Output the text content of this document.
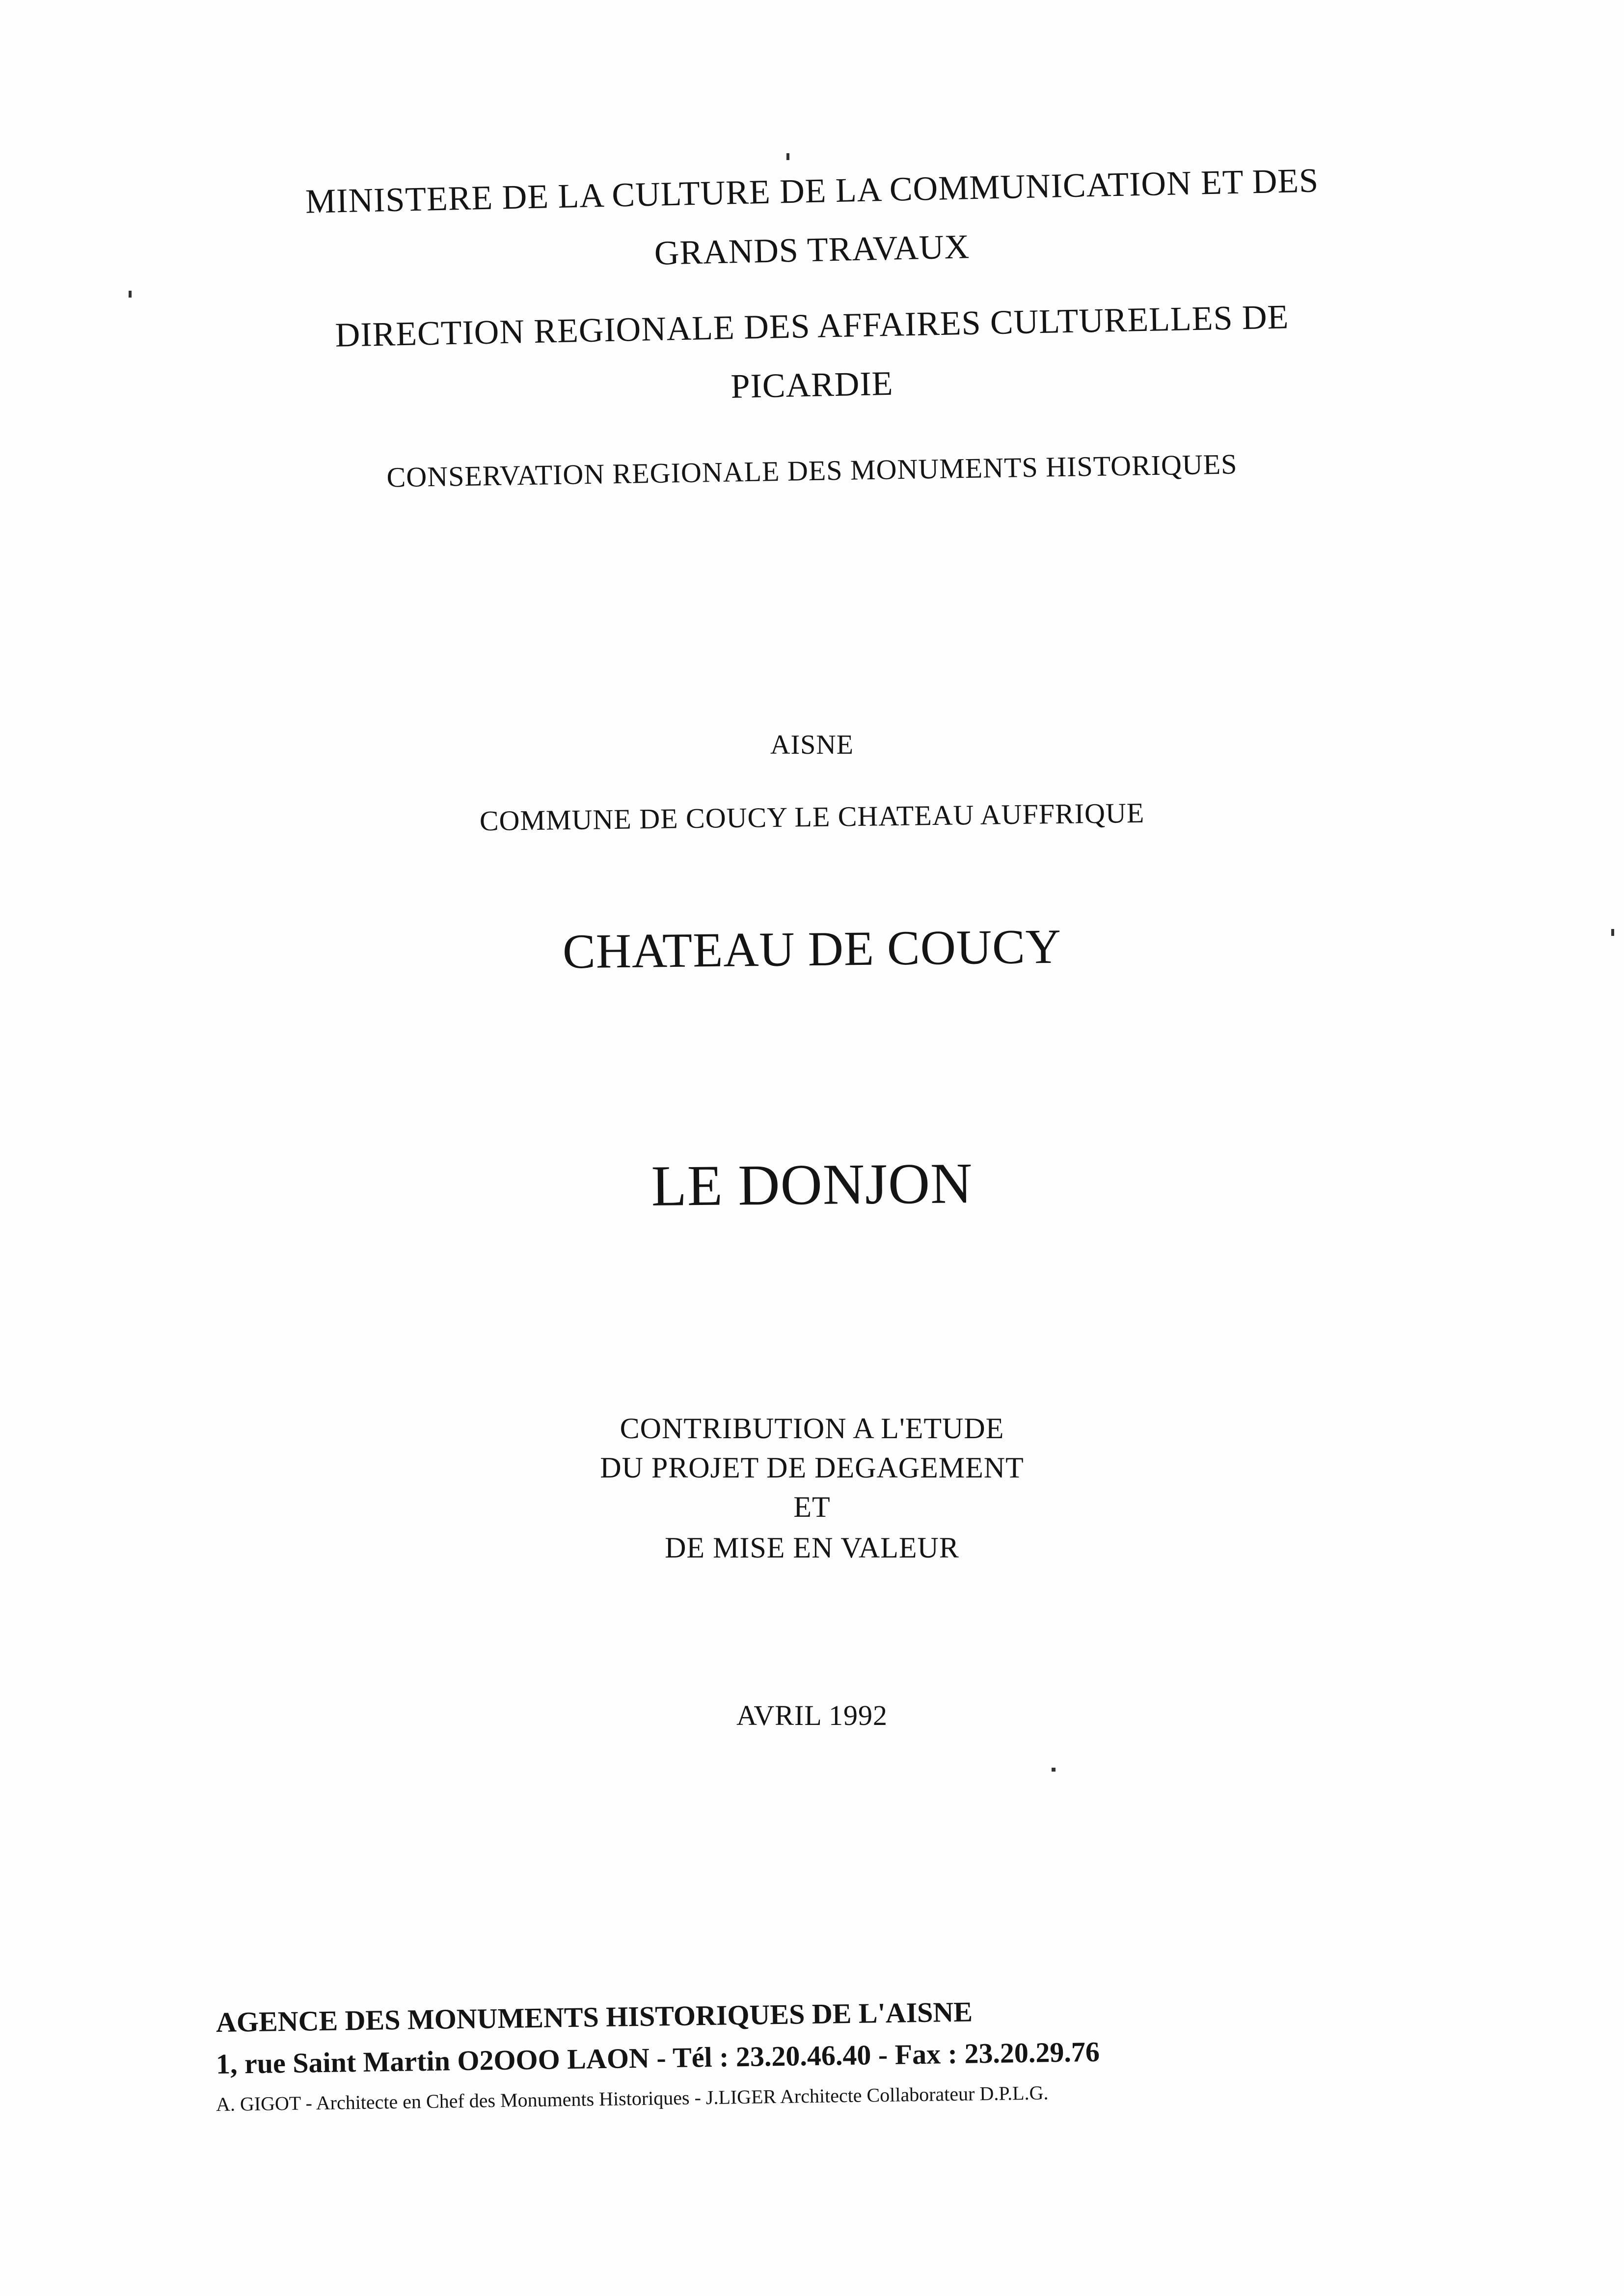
MINISTERE DE LA CULTURE DE LA COMMUNICATION ET DES
GRANDS TRAVAUX
DIRECTION REGIONALE DES AFFAIRES CULTURELLES DE
PICARDIE
CONSERVATION REGIONALE DES MONUMENTS HISTORIQUES
AISNE
COMMUNE DE COUCY LE CHATEAU AUFFRIQUE
CHATEAU DE COUCY
LE DONJON
CONTRIBUTION A L'ETUDE
DU PROJET DE DEGAGEMENT
ET
DE MISE EN VALEUR
AVRIL 1992
AGENCE DES MONUMENTS HISTORIQUES DE L'AISNE
1, rue Saint Martin O2OOO LAON - Tél : 23.20.46.40 - Fax : 23.20.29.76
A. GIGOT - Architecte en Chef des Monuments Historiques - J.LIGER Architecte Collaborateur D.P.L.G.
